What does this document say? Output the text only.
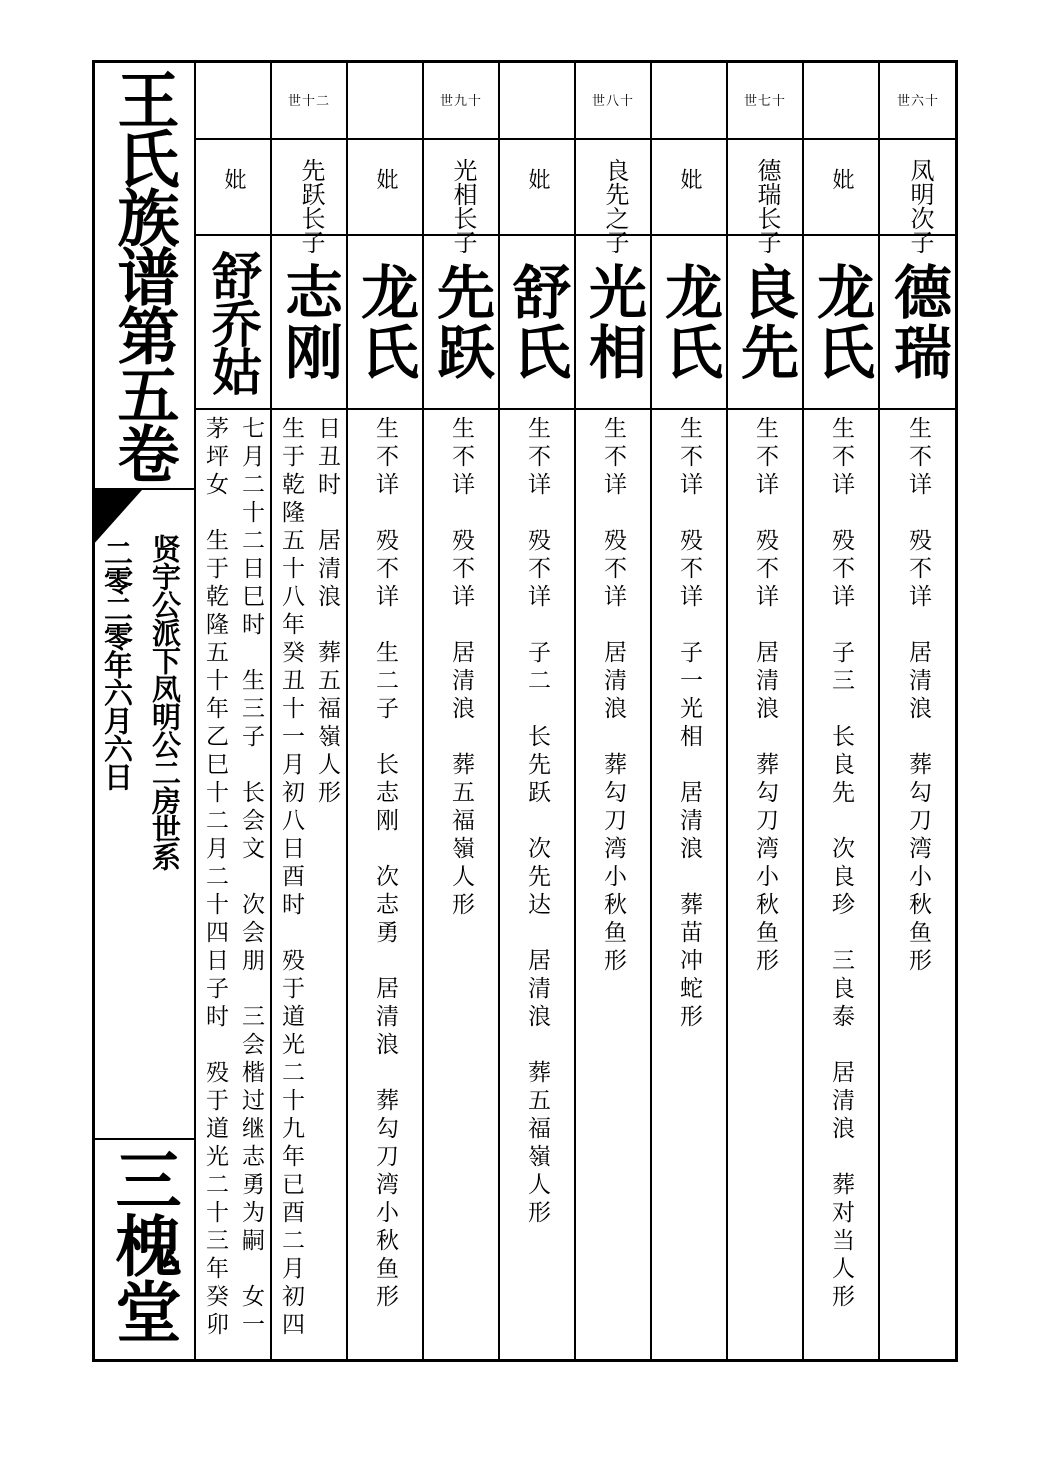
王氏族谱第五卷
贤宇公派下凤明公二房世系
二零二零年六月六日
三槐堂
世六十
凤明次子
德瑞
生不详　殁不详　居清浪　葬勾刀湾小秋鱼形
妣
龙氏
生不详　殁不详　子三　长良先　次良珍　三良泰　居清浪　葬对当人形
世七十
德瑞长子
良先
生不详　殁不详　居清浪　葬勾刀湾小秋鱼形
妣
龙氏
生不详　殁不详　子一光相　居清浪　葬苗冲蛇形
世八十
良先之子
光相
生不详　殁不详　居清浪　葬勾刀湾小秋鱼形
妣
舒氏
生不详　殁不详　子二　长先跃　次先达　居清浪　葬五福嶺人形
世九十
光相长子
先跃
生不详　殁不详　居清浪　葬五福嶺人形
妣
龙氏
生不详　殁不详　生二子　长志刚　次志勇　居清浪　葬勾刀湾小秋鱼形
世十二
先跃长子
志刚
生于乾隆五十八年癸丑十一月初八日酉时　殁于道光二十九年已酉二月初四 日丑时　居清浪　葬五福嶺人形
妣
舒乔姑
茅坪女　生于乾隆五十年乙巳十二月二十四日子时　殁于道光二十三年癸卯 七月二十二日巳时　生三子　长会文　次会朋　三会楷过继志勇为嗣　女一
